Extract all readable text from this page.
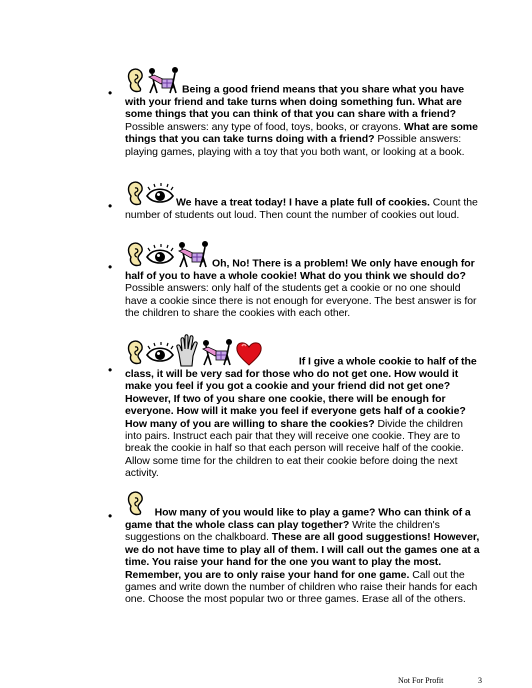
•	Being a good friend means that you share what you have with your friend and take turns when doing something fun. What are some things that you can think of that you can share with a friend? Possible answers: any type of food, toys, books, or crayons. What are some things that you can take turns doing with a friend? Possible answers: playing games, playing with a toy that you both want, or looking at a book.
•	We have a treat today! I have a plate full of cookies. Count the number of students out loud. Then count the number of cookies out loud.
•	Oh, No! There is a problem! We only have enough for half of you to have a whole cookie! What do you think we should do? Possible answers: only half of the students get a cookie or no one should have a cookie since there is not enough for everyone. The best answer is for the children to share the cookies with each other.
•
If I give a whole cookie to half of the class, it will be very sad for those who do not get one. How would it make you feel if you got a cookie and your friend did not get one? However, If two of you share one cookie, there will be enough for everyone. How will it make you feel if everyone gets half of a cookie? How many of you are willing to share the cookies? Divide the children into pairs. Instruct each pair that they will receive one cookie. They are to break the cookie in half so that each person will receive half of the cookie. Allow some time for the children to eat their cookie before doing the next activity.
•	How many of you would like to play a game? Who can think of a game that the whole class can play together? Write the children's suggestions on the chalkboard. These are all good suggestions! However, we do not have time to play all of them. I will call out the games one at a time. You raise your hand for the one you want to play the most. Remember, you are to only raise your hand for one game. Call out the games and write down the number of children who raise their hands for each one. Choose the most popular two or three games. Erase all of the others.
Not For Profit	3
